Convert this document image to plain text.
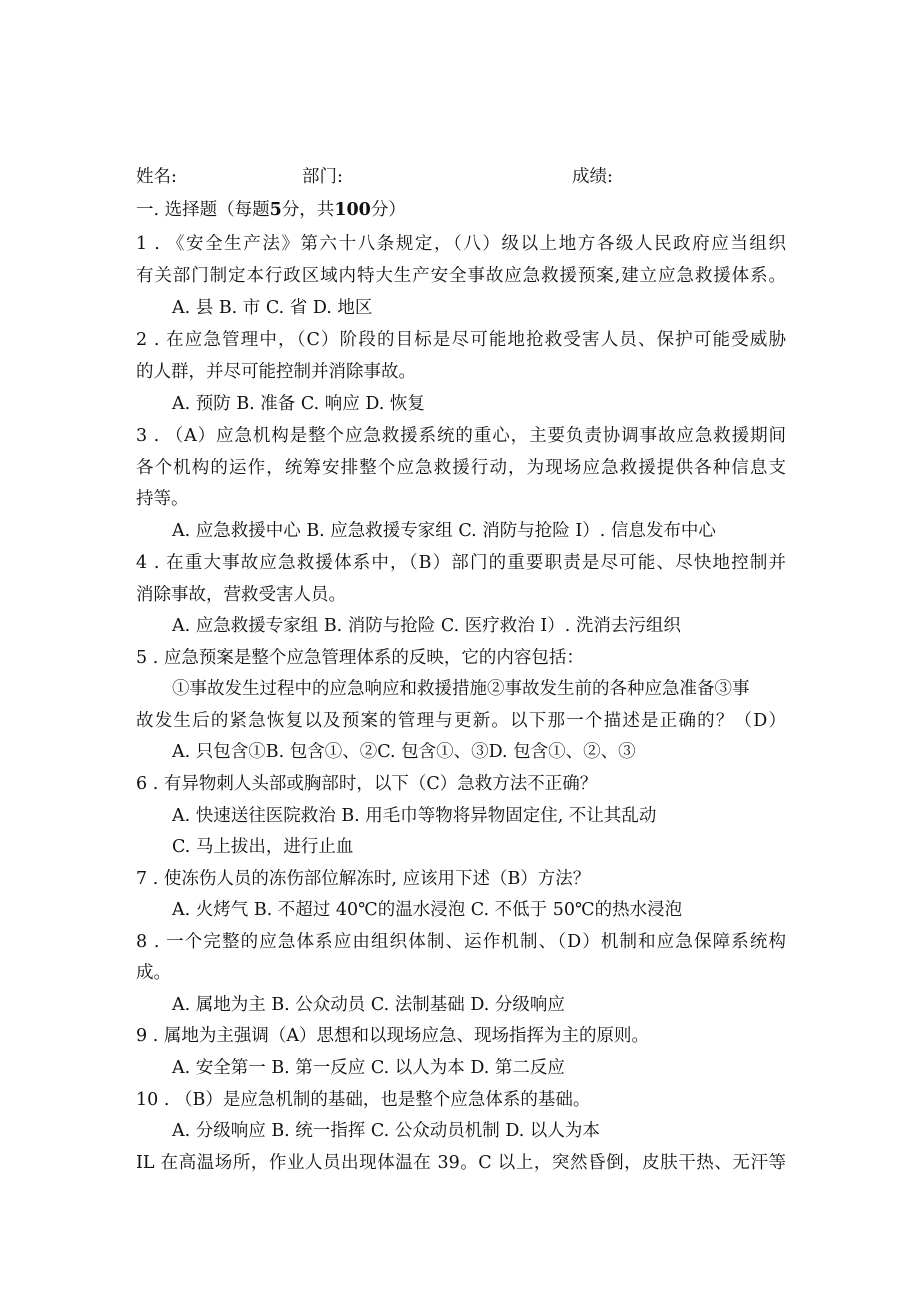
姓名:	部门:	成绩:
一. 选择题（每题5分，共100分）
1 . 《安全生产法》第六十八条规定，（八）级以上地方各级人民政府应当组织
有关部门制定本行政区域内特大生产安全事故应急救援预案,建立应急救援体系。
A. 县 B. 市 C. 省 D. 地区
2 . 在应急管理中，（C）阶段的目标是尽可能地抢救受害人员、保护可能受威胁
的人群，并尽可能控制并消除事故。
A. 预防 B. 准备 C. 响应 D. 恢复
3 . （A）应急机构是整个应急救援系统的重心，主要负责协调事故应急救援期间
各个机构的运作，统筹安排整个应急救援行动，为现场应急救援提供各种信息支
持等。
A. 应急救援中心 B. 应急救援专家组 C. 消防与抢险 I）. 信息发布中心
4 . 在重大事故应急救援体系中，（B）部门的重要职责是尽可能、尽快地控制并
消除事故，营救受害人员。
A. 应急救援专家组 B. 消防与抢险 C. 医疗救治 I）. 洗消去污组织
5 . 应急预案是整个应急管理体系的反映，它的内容包括：
①事故发生过程中的应急响应和救援措施②事故发生前的各种应急准备③事
故发生后的紧急恢复以及预案的管理与更新。以下那一个描述是正确的？（D）
A. 只包含①B. 包含①、②C. 包含①、③D. 包含①、②、③
6 . 有异物刺人头部或胸部时，以下（C）急救方法不正确？
A. 快速送往医院救治 B. 用毛巾等物将异物固定住, 不让其乱动
C. 马上拔出，进行止血
7 . 使冻伤人员的冻伤部位解冻时, 应该用下述（B）方法？
A. 火烤气 B. 不超过 40℃的温水浸泡 C. 不低于 50℃的热水浸泡
8 . 一个完整的应急体系应由组织体制、运作机制、（D）机制和应急保障系统构
成。
A. 属地为主 B. 公众动员 C. 法制基础 D. 分级响应
9 . 属地为主强调（A）思想和以现场应急、现场指挥为主的原则。
A. 安全第一 B. 第一反应 C. 以人为本 D. 第二反应
10 . （B）是应急机制的基础，也是整个应急体系的基础。
A. 分级响应 B. 统一指挥 C. 公众动员机制 D. 以人为本
IL 在高温场所，作业人员出现体温在 39。C 以上，突然昏倒，皮肤干热、无汗等
